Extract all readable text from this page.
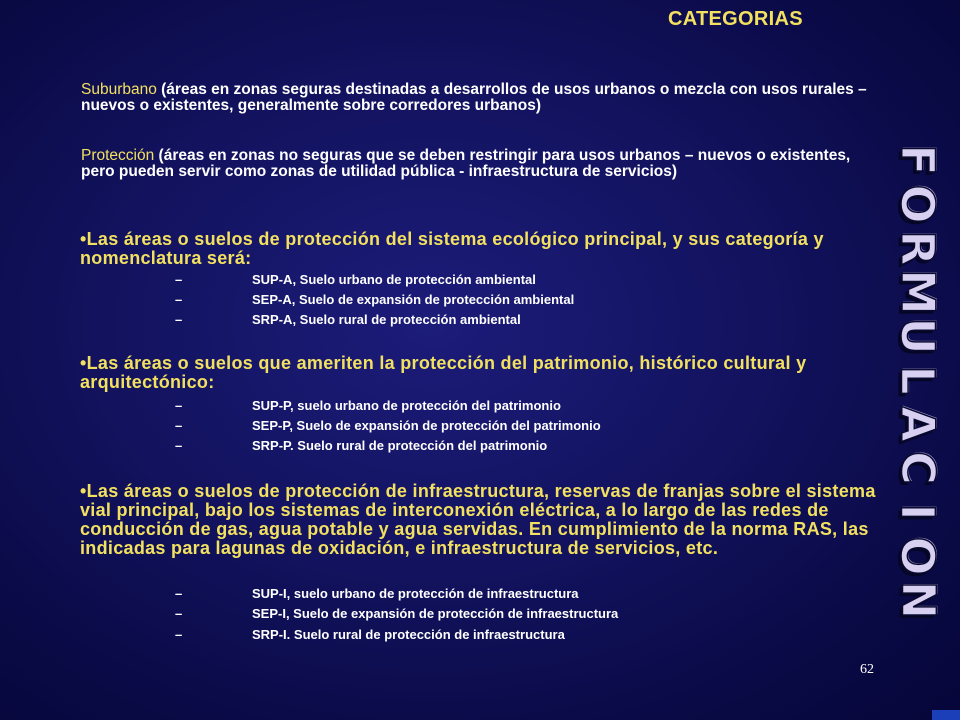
CATEGORIAS
Suburbano (áreas en zonas seguras destinadas a desarrollos de usos urbanos o mezcla con usos rurales – nuevos o existentes, generalmente sobre corredores urbanos)
Protección (áreas en zonas no seguras que se deben restringir para usos urbanos – nuevos o existentes, pero pueden servir como zonas de utilidad pública - infraestructura de servicios)
•Las áreas o suelos de protección del sistema ecológico principal, y sus categoría y nomenclatura será:
–	SUP-A, Suelo urbano de protección ambiental
–	SEP-A, Suelo de expansión de protección ambiental
–	SRP-A, Suelo rural de protección ambiental
•Las áreas o suelos que ameriten la protección del patrimonio, histórico cultural y arquitectónico:
–	SUP-P, suelo urbano de protección del patrimonio
–	SEP-P, Suelo de expansión de protección del patrimonio
–	SRP-P. Suelo rural de protección del patrimonio
•Las áreas o suelos de protección de infraestructura, reservas de franjas sobre el sistema vial principal, bajo los sistemas de interconexión eléctrica, a lo largo de las redes de conducción de gas, agua potable y agua servidas. En cumplimiento de la norma RAS, las indicadas para lagunas de oxidación, e infraestructura de servicios, etc.
–	SUP-I, suelo urbano de protección de infraestructura
–	SEP-I, Suelo de expansión de protección de infraestructura
–	SRP-I. Suelo rural de protección de infraestructura
F
O
R
M
U
L
A
C
I
O
N
62
